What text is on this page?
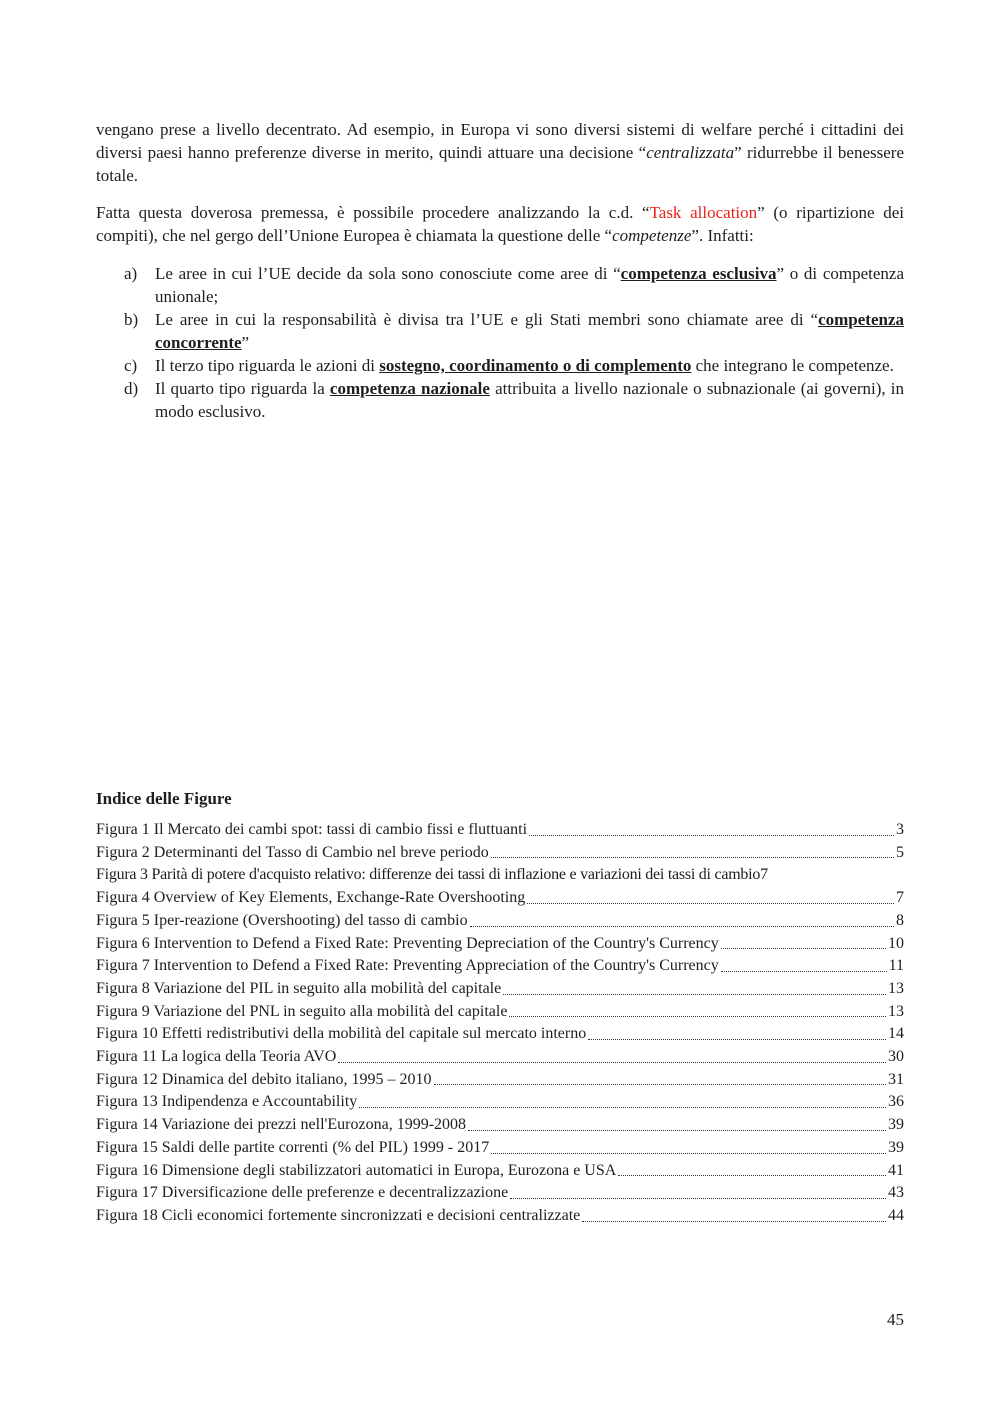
vengano prese a livello decentrato. Ad esempio, in Europa vi sono diversi sistemi di welfare perché i cittadini dei diversi paesi hanno preferenze diverse in merito, quindi attuare una decisione “centralizzata” ridurrebbe il benessere totale.

Fatta questa doverosa premessa, è possibile procedere analizzando la c.d. “Task allocation” (o ripartizione dei compiti), che nel gergo dell’Unione Europea è chiamata la questione delle “competenze”. Infatti:

a)	Le aree in cui l’UE decide da sola sono conosciute come aree di “competenza esclusiva” o di competenza unionale;
b) Le aree in cui la responsabilità è divisa tra l’UE e gli Stati membri sono chiamate aree di “competenza concorrente”
c)	Il terzo tipo riguarda le azioni di sostegno, coordinamento o di complemento che integrano le competenze.
d) Il quarto tipo riguarda la competenza nazionale attribuita a livello nazionale o subnazionale (ai governi), in modo esclusivo.
Indice delle Figure
Figura 1 Il Mercato dei cambi spot: tassi di cambio fissi e fluttuanti	3
Figura 2 Determinanti del Tasso di Cambio nel breve periodo	5
Figura 3 Parità di potere d'acquisto relativo: differenze dei tassi di inflazione e variazioni dei tassi di cambio 7
Figura 4 Overview of Key Elements, Exchange-Rate Overshooting	7
Figura 5 Iper-reazione (Overshooting) del tasso di cambio	8
Figura 6 Intervention to Defend a Fixed Rate: Preventing Depreciation of the Country's Currency	10
Figura 7 Intervention to Defend a Fixed Rate: Preventing Appreciation of the Country's Currency	11
Figura 8 Variazione del PIL in seguito alla mobilità del capitale	13
Figura 9 Variazione del PNL in seguito alla mobilità del capitale	13
Figura 10 Effetti redistributivi della mobilità del capitale sul mercato interno	14
Figura 11 La logica della Teoria AVO	30
Figura 12 Dinamica del debito italiano, 1995 – 2010	31
Figura 13 Indipendenza e Accountability	36
Figura 14 Variazione dei prezzi nell'Eurozona, 1999-2008	39
Figura 15 Saldi delle partite correnti (% del PIL) 1999 - 2017	39
Figura 16 Dimensione degli stabilizzatori automatici in Europa, Eurozona e USA	41
Figura 17 Diversificazione delle preferenze e decentralizzazione	43
Figura 18 Cicli economici fortemente sincronizzati e decisioni centralizzate	44
45
